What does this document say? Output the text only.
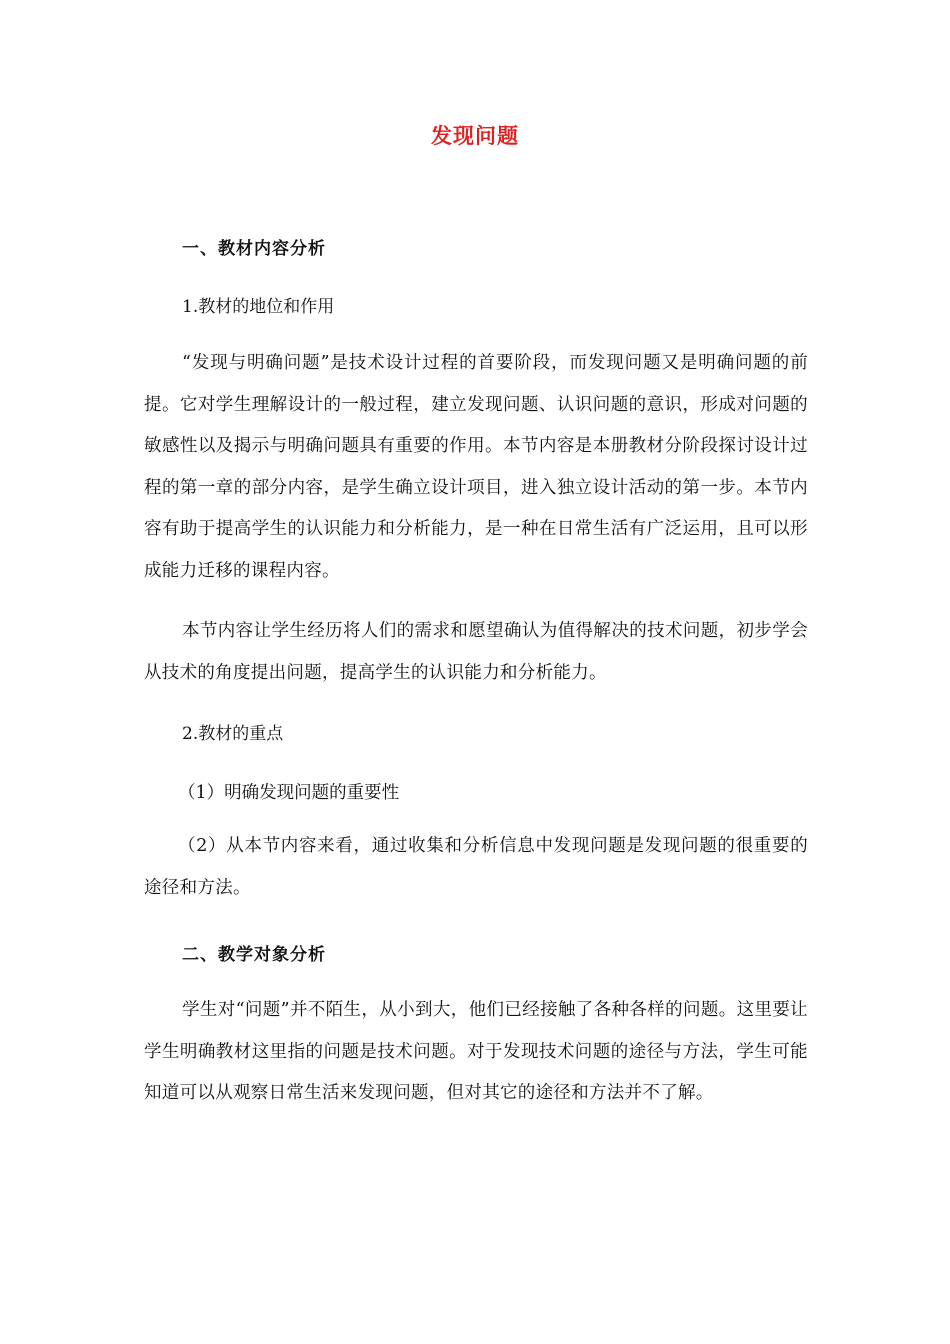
发现问题
一、教材内容分析
1.教材的地位和作用
“发现与明确问题”是技术设计过程的首要阶段，而发现问题又是明确问题的前提。它对学生理解设计的一般过程，建立发现问题、认识问题的意识，形成对问题的敏感性以及揭示与明确问题具有重要的作用。本节内容是本册教材分阶段探讨设计过程的第一章的部分内容，是学生确立设计项目，进入独立设计活动的第一步。本节内容有助于提高学生的认识能力和分析能力，是一种在日常生活有广泛运用，且可以形成能力迁移的课程内容。
本节内容让学生经历将人们的需求和愿望确认为值得解决的技术问题，初步学会从技术的角度提出问题，提高学生的认识能力和分析能力。
2.教材的重点
（1）明确发现问题的重要性
（2）从本节内容来看，通过收集和分析信息中发现问题是发现问题的很重要的途径和方法。
二、教学对象分析
学生对“问题”并不陌生，从小到大，他们已经接触了各种各样的问题。这里要让学生明确教材这里指的问题是技术问题。对于发现技术问题的途径与方法，学生可能知道可以从观察日常生活来发现问题，但对其它的途径和方法并不了解。
